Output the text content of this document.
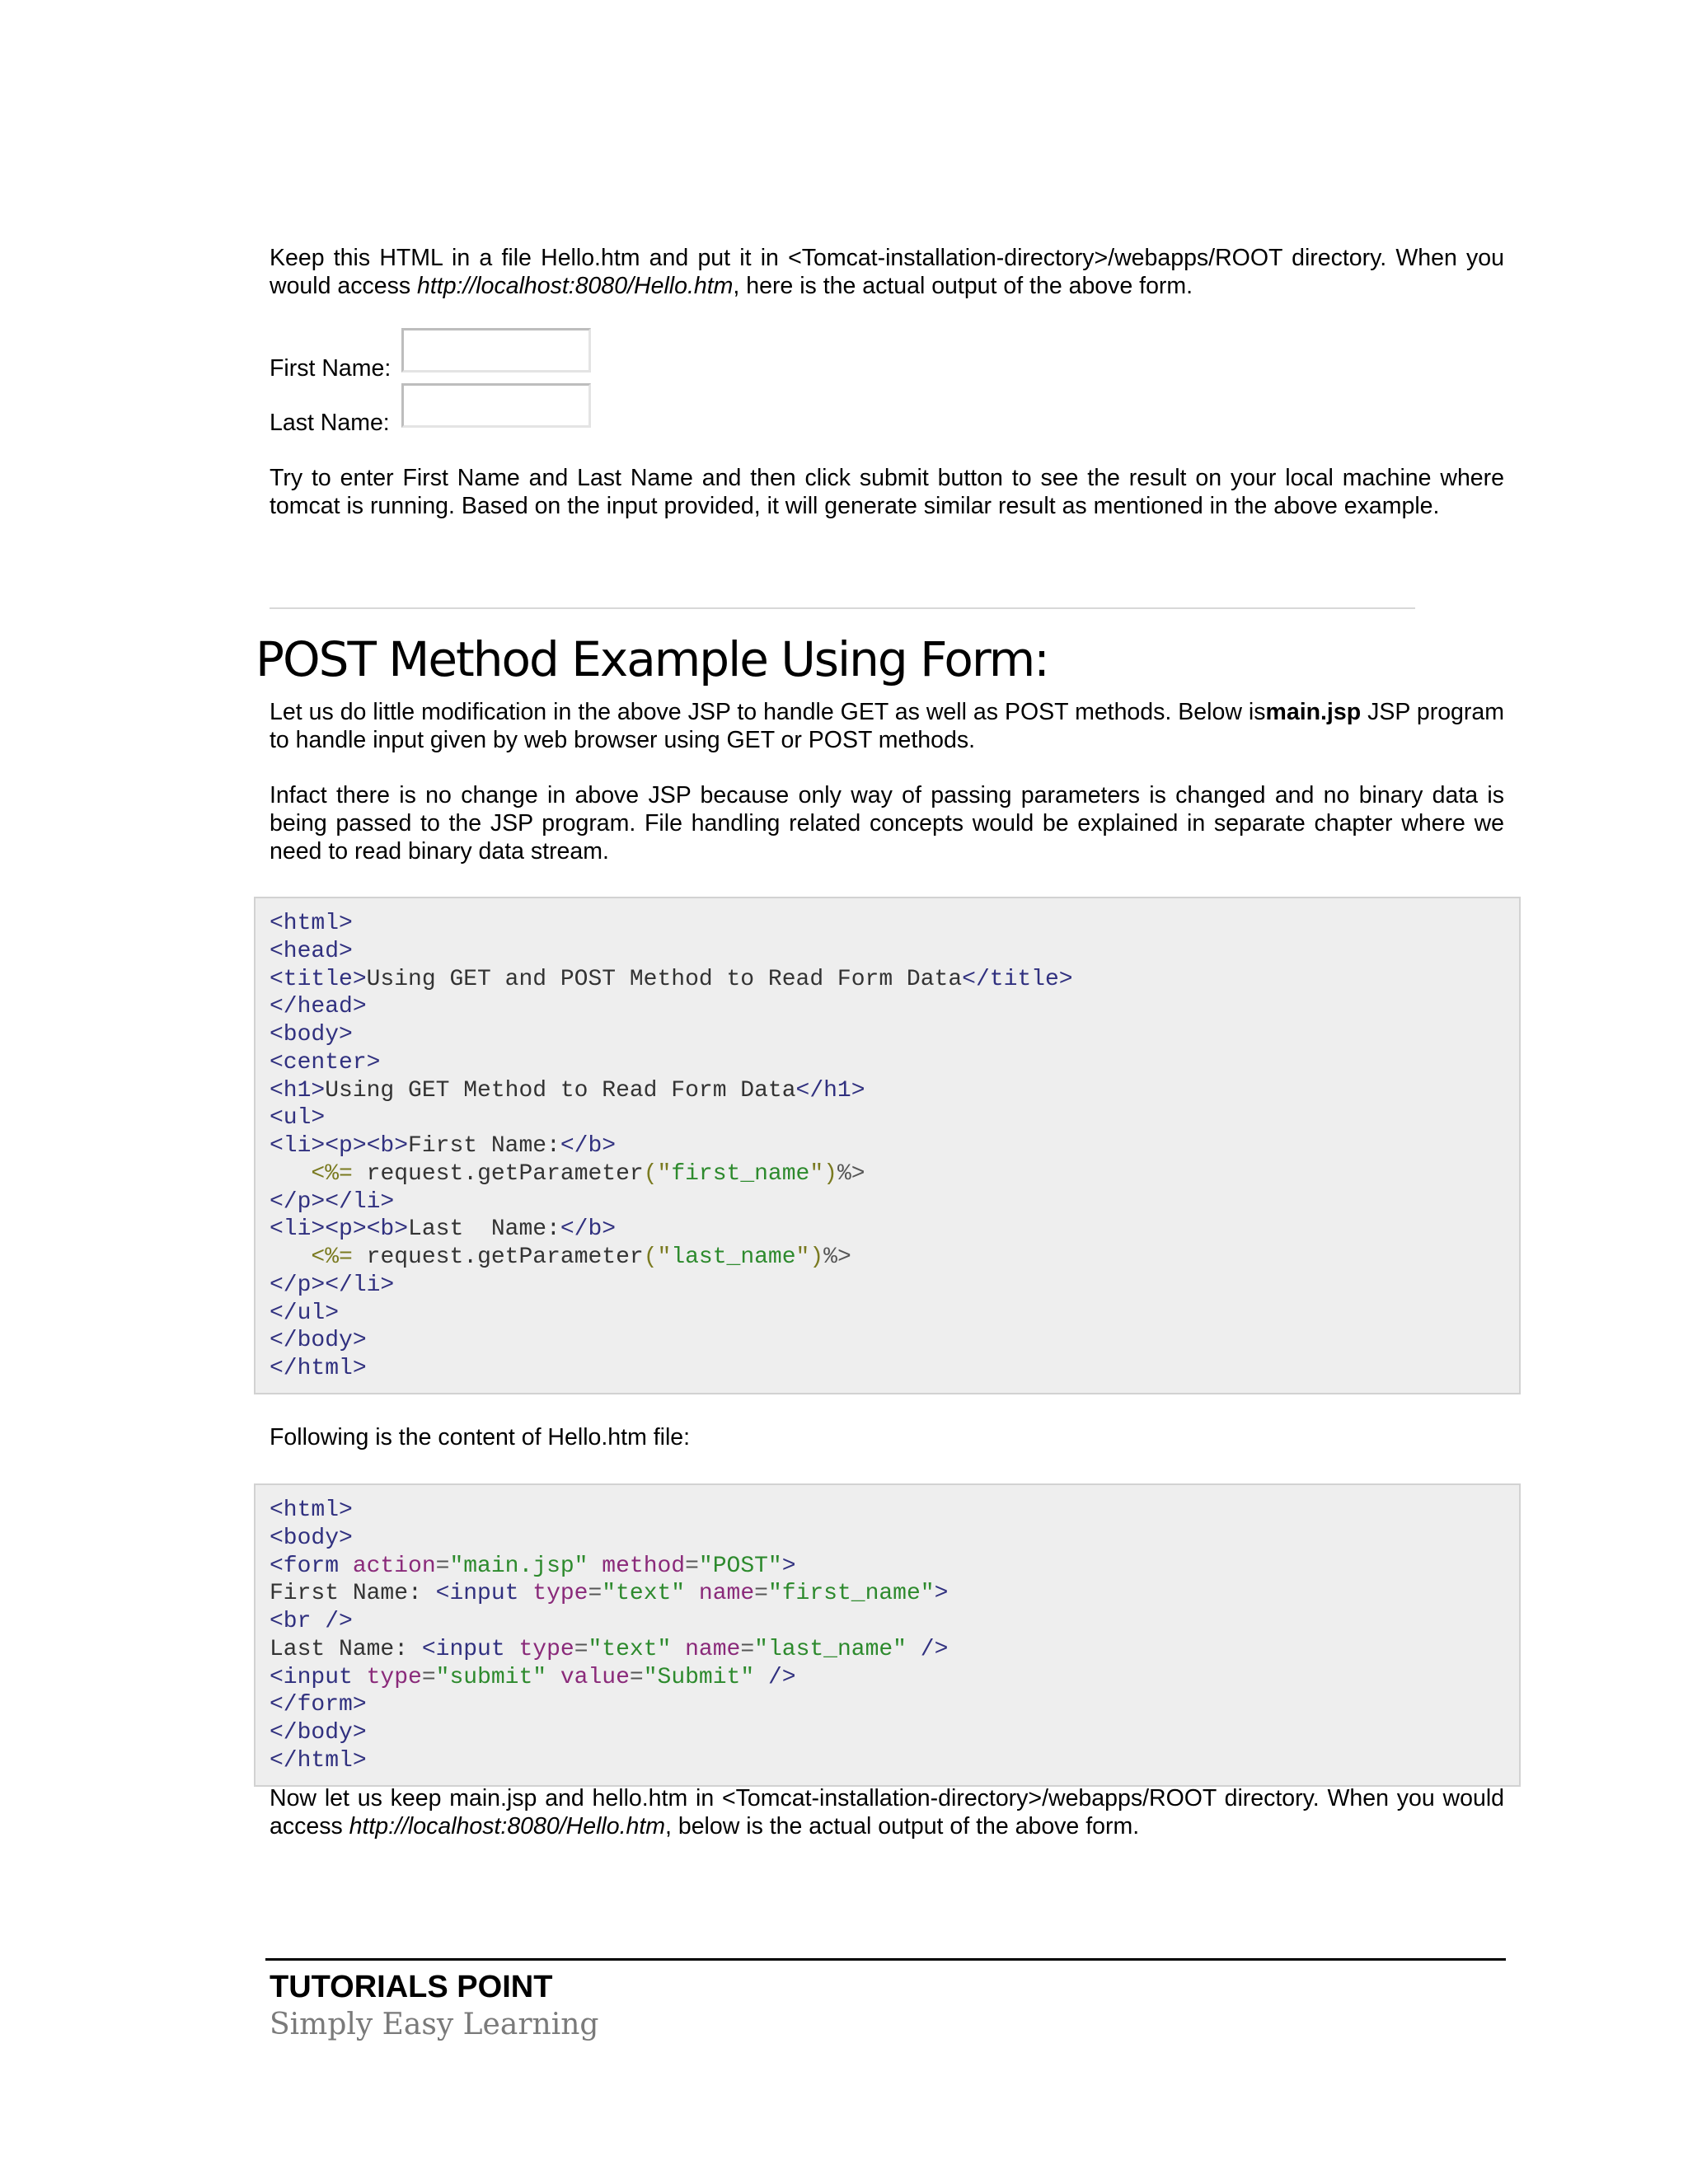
Keep this HTML in a file Hello.htm and put it in <Tomcat-installation-directory>/webapps/ROOT directory. When you would access http://localhost:8080/Hello.htm, here is the actual output of the above form.

First Name:
Last Name:

Try to enter First Name and Last Name and then click submit button to see the result on your local machine where tomcat is running. Based on the input provided, it will generate similar result as mentioned in the above example.

POST Method Example Using Form:

Let us do little modification in the above JSP to handle GET as well as POST methods. Below ismain.jsp JSP program to handle input given by web browser using GET or POST methods.

Infact there is no change in above JSP because only way of passing parameters is changed and no binary data is being passed to the JSP program. File handling related concepts would be explained in separate chapter where we need to read binary data stream.

<html>
<head>
<title>Using GET and POST Method to Read Form Data</title>
</head>
<body>
<center>
<h1>Using GET Method to Read Form Data</h1>
<ul>
<li><p><b>First Name:</b>
<%= request.getParameter("first_name")%>
</p></li>
<li><p><b>Last  Name:</b>
<%= request.getParameter("last_name")%>
</p></li>
</ul>
</body>
</html>

Following is the content of Hello.htm file:

<html>
<body>
<form action="main.jsp" method="POST">
First Name: <input type="text" name="first_name">
<br />
Last Name: <input type="text" name="last_name" />
<input type="submit" value="Submit" />
</form>
</body>
</html>

Now let us keep main.jsp and hello.htm in <Tomcat-installation-directory>/webapps/ROOT directory. When you would access http://localhost:8080/Hello.htm, below is the actual output of the above form.

TUTORIALS POINT
Simply Easy Learning
